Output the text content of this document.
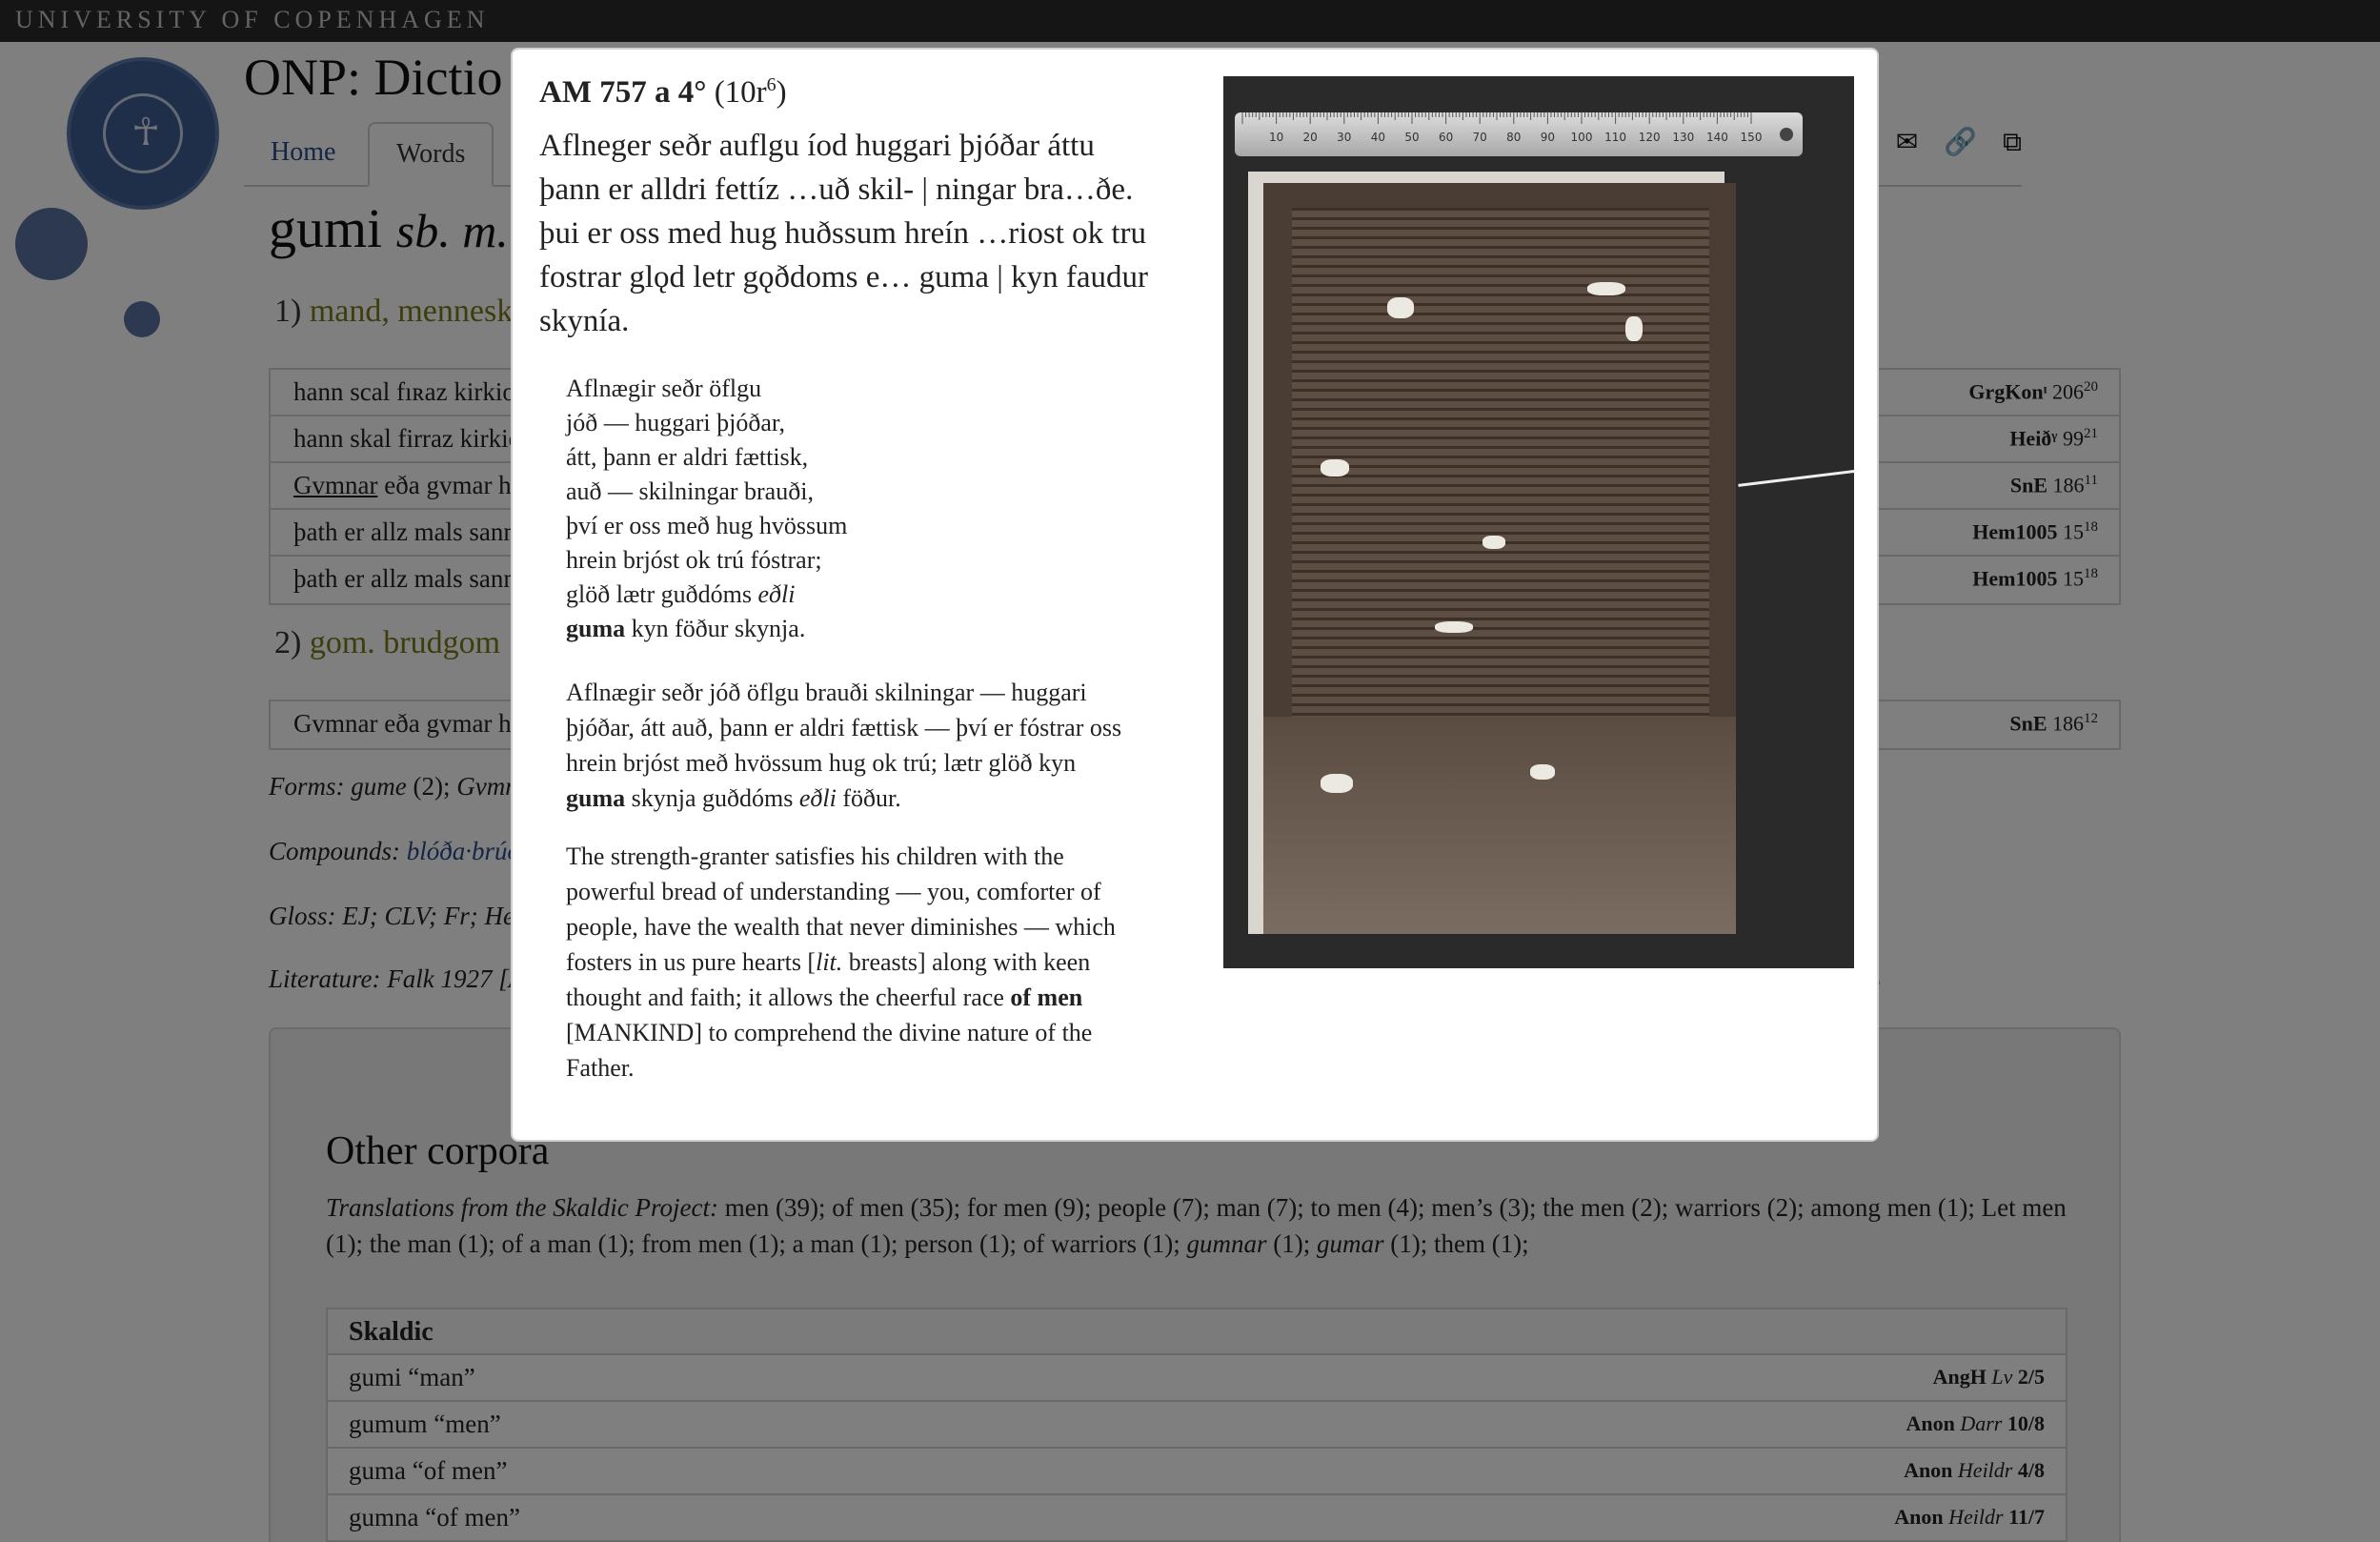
AM 757 a 4° $(10r^6)$
Aflneger seðr auflgu íod huggari þjóðar áttu
þann er alldri fettíz …uð skil- | ningar bra…ðe.
þui er oss med hug huðssum hreín …riost ok tru
fostrar glǫd letr gǫðdoms e… guma | kyn faudur
skynía.
Aflnægir seðr öflgu
jóð — huggari þjóðar,
átt, þann er aldri fættisk,
auð — skilningar brauði,
því er oss með hug hvössum
hrein brjóst ok trú fóstrar;
glöð lætr guðdóms eðli
guma kyn föður skynja.
Aflnægir seðr jóð öflgu brauði skilningar — huggari
þjóðar, átt auð, þann er aldri fættisk — því er fóstrar oss
hrein brjóst með hvössum hug ok trú; lætr glöð kyn
guma skynja guðdóms eðli föður.
The strength-granter satisfies his children with the
powerful bread of understanding — you, comforter of
people, have the wealth that never diminishes — which
fosters in us pure hearts [lit. breasts] along with keen
thought and faith; it allows the cheerful race of men
[MANKIND] to comprehend the divine nature of the
Father.
10 20 30 40 50 60 70 80 90 100 110 120 130 140 150
